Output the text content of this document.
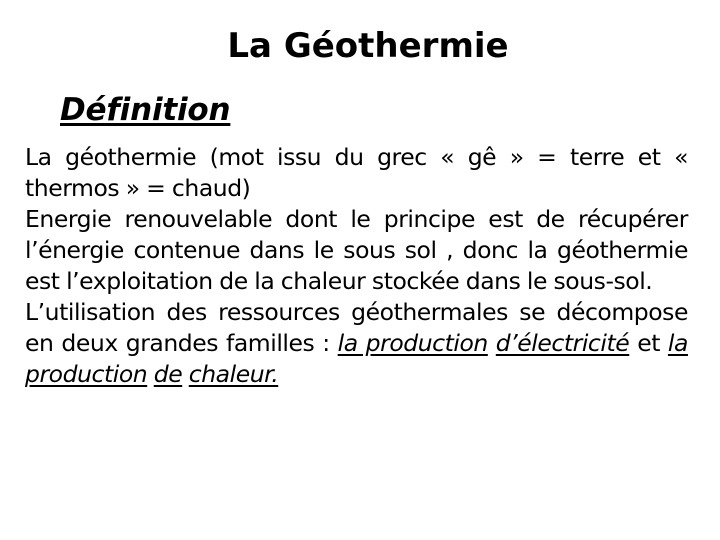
La Géothermie
Définition

La géothermie (mot issu du grec « gê » = terre et « thermos » = chaud)

Energie renouvelable dont le principe est de récupérer l’énergie contenue dans le sous sol , donc la géothermie est l’exploitation de la chaleur stockée dans le sous-sol.

L’utilisation des ressources géothermales se décompose en deux grandes familles : la production d’électricité et la production de chaleur.
